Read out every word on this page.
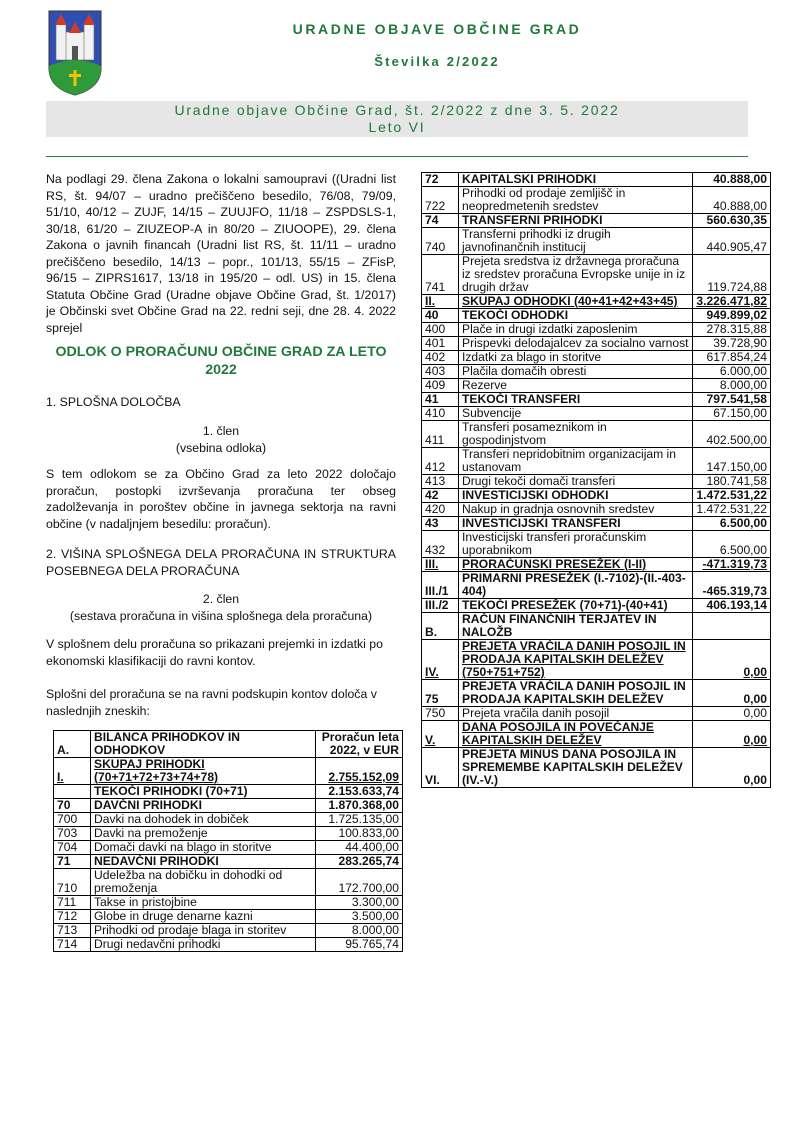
URADNE OBJAVE OBČINE GRAD
Številka 2/2022
Uradne objave Občine Grad, št. 2/2022 z dne 3. 5. 2022
Leto VI

Na podlagi 29. člena Zakona o lokalni samoupravi ((Uradni list RS, št. 94/07 – uradno prečiščeno besedilo, 76/08, 79/09, 51/10, 40/12 – ZUJF, 14/15 – ZUUJFO, 11/18 – ZSPDSLS-1, 30/18, 61/20 – ZIUZEOP-A in 80/20 – ZIUOOPE), 29. člena Zakona o javnih financah (Uradni list RS, št. 11/11 – uradno prečiščeno besedilo, 14/13 – popr., 101/13, 55/15 – ZFisP, 96/15 – ZIPRS1617, 13/18 in 195/20 – odl. US) in 15. člena Statuta Občine Grad (Uradne objave Občine Grad, št. 1/2017) je Občinski svet Občine Grad na 22. redni seji, dne 28. 4. 2022 sprejel

ODLOK O PRORAČUNU OBČINE GRAD ZA LETO 2022
1. SPLOŠNA DOLOČBA
1. člen
(vsebina odloka)
S tem odlokom se za Občino Grad za leto 2022 določajo proračun, postopki izvrševanja proračuna ter obseg zadolževanja in poroštev občine in javnega sektorja na ravni občine (v nadaljnjem besedilu: proračun).
2. VIŠINA SPLOŠNEGA DELA PRORAČUNA IN STRUKTURA POSEBNEGA DELA PRORAČUNA
2. člen
(sestava proračuna in višina splošnega dela proračuna)
V splošnem delu proračuna so prikazani prejemki in izdatki po ekonomski klasifikaciji do ravni kontov.
Splošni del proračuna se na ravni podskupin kontov določa v naslednjih zneskih:
A.	BILANCA PRIHODKOV IN ODHODKOV	Proračun leta 2022, v EUR
I.	SKUPAJ PRIHODKI (70+71+72+73+74+78)	2.755.152,09
	TEKOČI PRIHODKI (70+71)	2.153.633,74
70	DAVČNI PRIHODKI	1.870.368,00
700	Davki na dohodek in dobiček	1.725.135,00
703	Davki na premoženje	100.833,00
704	Domači davki na blago in storitve	44.400,00
71	NEDAVČNI PRIHODKI	283.265,74
710	Udeležba na dobičku in dohodki od premoženja	172.700,00
711	Takse in pristojbine	3.300,00
712	Globe in druge denarne kazni	3.500,00
713	Prihodki od prodaje blaga in storitev	8.000,00
714	Drugi nedavčni prihodki	95.765,74
72	KAPITALSKI PRIHODKI	40.888,00
722	Prihodki od prodaje zemljišč in neopredmetenih sredstev	40.888,00
74	TRANSFERNI PRIHODKI	560.630,35
740	Transferni prihodki iz drugih javnofinančnih institucij	440.905,47
741	Prejeta sredstva iz državnega proračuna iz sredstev proračuna Evropske unije in iz drugih držav	119.724,88
II.	SKUPAJ ODHODKI (40+41+42+43+45)	3.226.471,82
40	TEKOČI ODHODKI	949.899,02
400	Plače in drugi izdatki zaposlenim	278.315,88
401	Prispevki delodajalcev za socialno varnost	39.728,90
402	Izdatki za blago in storitve	617.854,24
403	Plačila domačih obresti	6.000,00
409	Rezerve	8.000,00
41	TEKOČI TRANSFERI	797.541,58
410	Subvencije	67.150,00
411	Transferi posameznikom in gospodinjstvom	402.500,00
412	Transferi nepridobitnim organizacijam in ustanovam	147.150,00
413	Drugi tekoči domači transferi	180.741,58
42	INVESTICIJSKI ODHODKI	1.472.531,22
420	Nakup in gradnja osnovnih sredstev	1.472.531,22
43	INVESTICIJSKI TRANSFERI	6.500,00
432	Investicijski transferi proračunskim uporabnikom	6.500,00
III.	PRORAČUNSKI PRESEŽEK (I-II)	-471.319,73
III./1	PRIMARNI PRESEŽEK (I.-7102)-(II.-403-404)	-465.319,73
III./2	TEKOČI PRESEŽEK (70+71)-(40+41)	406.193,14
B.	RAČUN FINANČNIH TERJATEV IN NALOŽB	
IV.	PREJETA VRAČILA DANIH POSOJIL IN PRODAJA KAPITALSKIH DELEŽEV (750+751+752)	0,00
75	PREJETA VRAČILA DANIH POSOJIL IN PRODAJA KAPITALSKIH DELEŽEV	0,00
750	Prejeta vračila danih posojil	0,00
V.	DANA POSOJILA IN POVEČANJE KAPITALSKIH DELEŽEV	0,00
VI.	PREJETA MINUS DANA POSOJILA IN SPREMEMBE KAPITALSKIH DELEŽEV (IV.-V.)	0,00
